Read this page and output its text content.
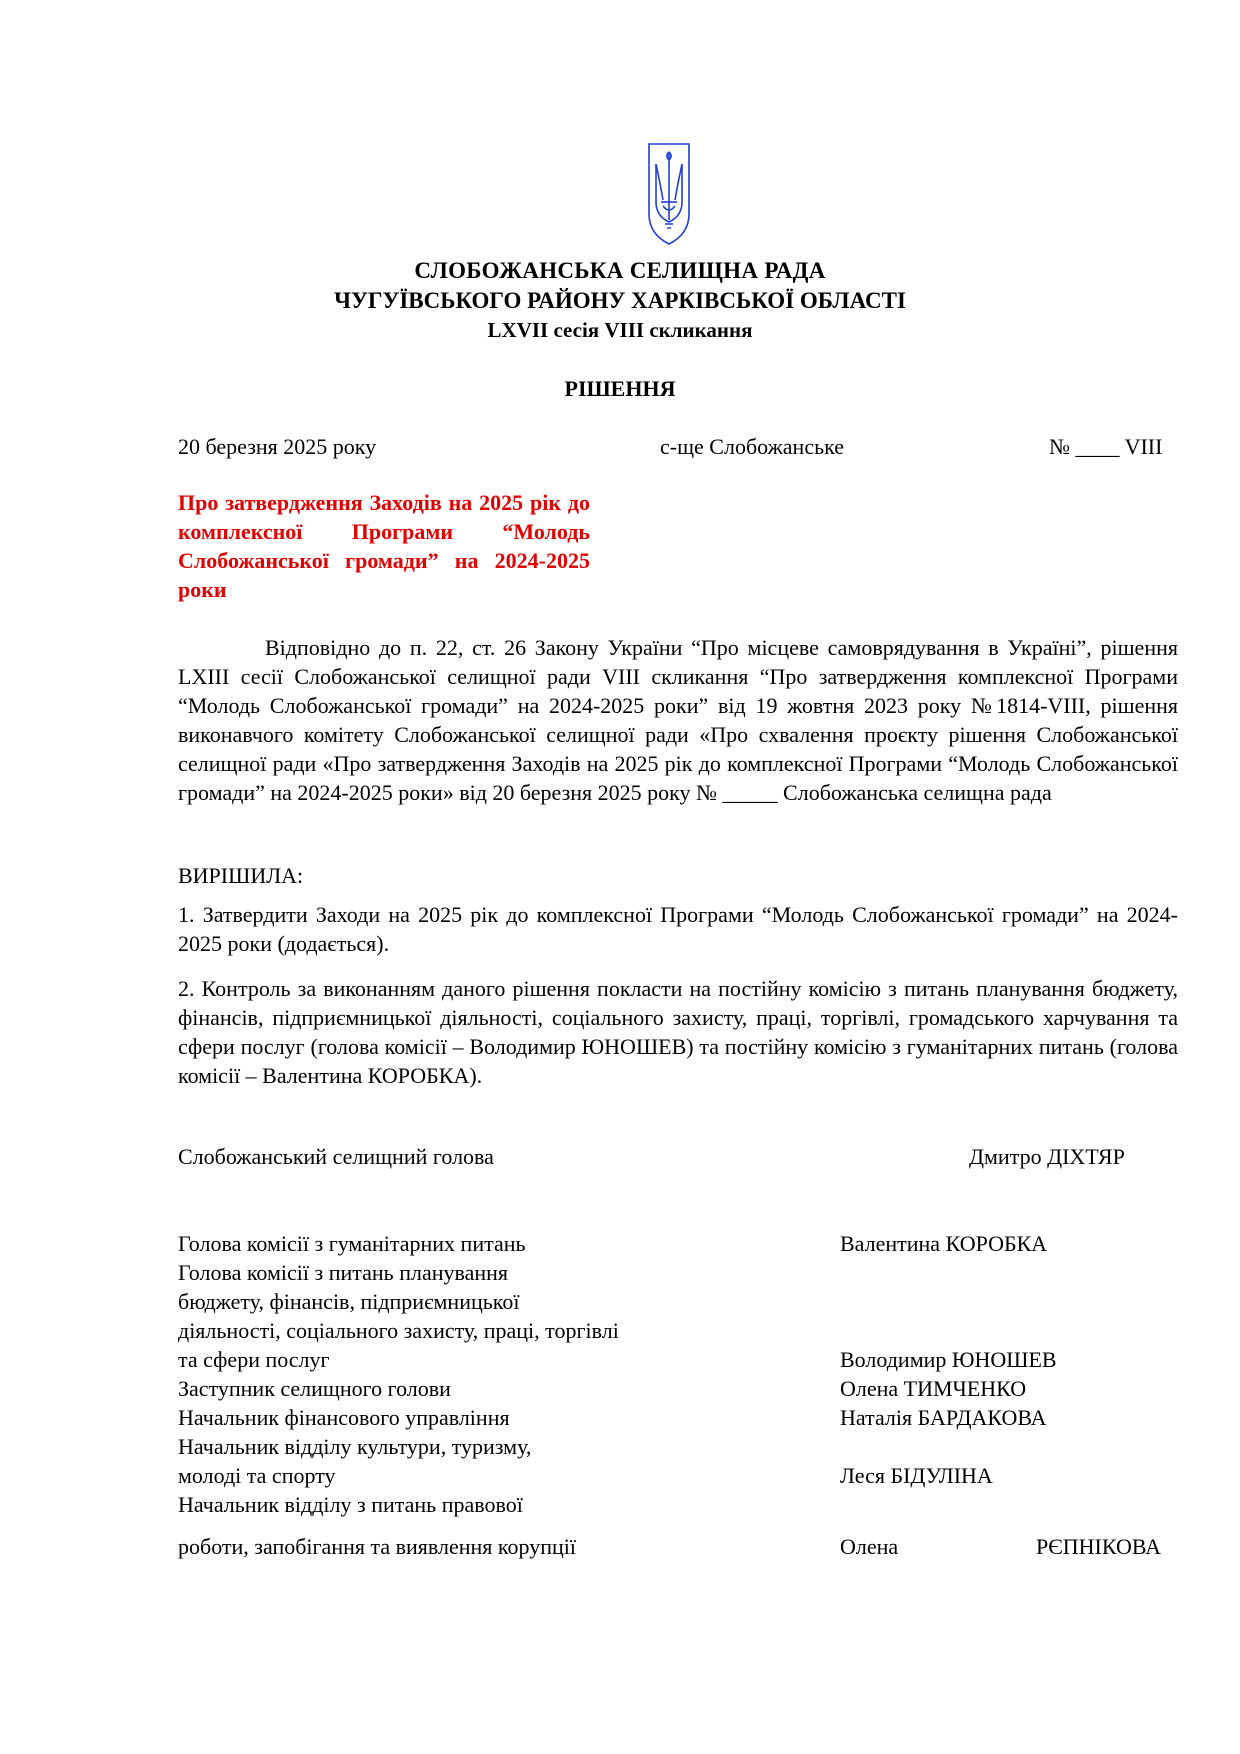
СЛОБОЖАНСЬКА СЕЛИЩНА РАДА
ЧУГУЇВСЬКОГО РАЙОНУ ХАРКІВСЬКОЇ ОБЛАСТІ
LXVІІ сесія VІІІ скликання
РІШЕННЯ
20 березня 2025 року	с-ще Слобожанське	№ ____ VІІІ
Про затвердження Заходів на 2025 рік до комплексної Програми “Молодь Слобожанської громади” на 2024-2025 роки
Відповідно до п. 22, ст. 26 Закону України “Про місцеве самоврядування в Україні”, рішення LXІІІ сесії Слобожанської селищної ради VІІІ скликання “Про затвердження комплексної Програми “Молодь Слобожанської громади” на 2024-2025 роки” від 19 жовтня 2023 року №1814-VІІІ, рішення виконавчого комітету Слобожанської селищної ради «Про схвалення проєкту рішення Слобожанської селищної ради «Про затвердження Заходів на 2025 рік до комплексної Програми “Молодь Слобожанської громади” на 2024-2025 роки» від 20 березня 2025 року № _____ Слобожанська селищна рада
ВИРІШИЛА:
1. Затвердити Заходи на 2025 рік до комплексної Програми “Молодь Слобожанської громади” на 2024-2025 роки (додається).
2. Контроль за виконанням даного рішення покласти на постійну комісію з питань планування бюджету, фінансів, підприємницької діяльності, соціального захисту, праці, торгівлі, громадського харчування та сфери послуг (голова комісії – Володимир ЮНОШЕВ) та постійну комісію з гуманітарних питань (голова комісії – Валентина КОРОБКА).
Слобожанський селищний голова	Дмитро ДІХТЯР
Голова комісії з гуманітарних питань	Валентина КОРОБКА
Голова комісії з питань планування
бюджету, фінансів, підприємницької
діяльності, соціального захисту, праці, торгівлі
та сфери послуг	Володимир ЮНОШЕВ
Заступник селищного голови	Олена ТИМЧЕНКО
Начальник фінансового управління	Наталія БАРДАКОВА
Начальник відділу культури, туризму,
молоді та спорту	Леся БІДУЛІНА
Начальник відділу з питань правової
роботи, запобігання та виявлення корупції	Олена	РЄПНІКОВА
